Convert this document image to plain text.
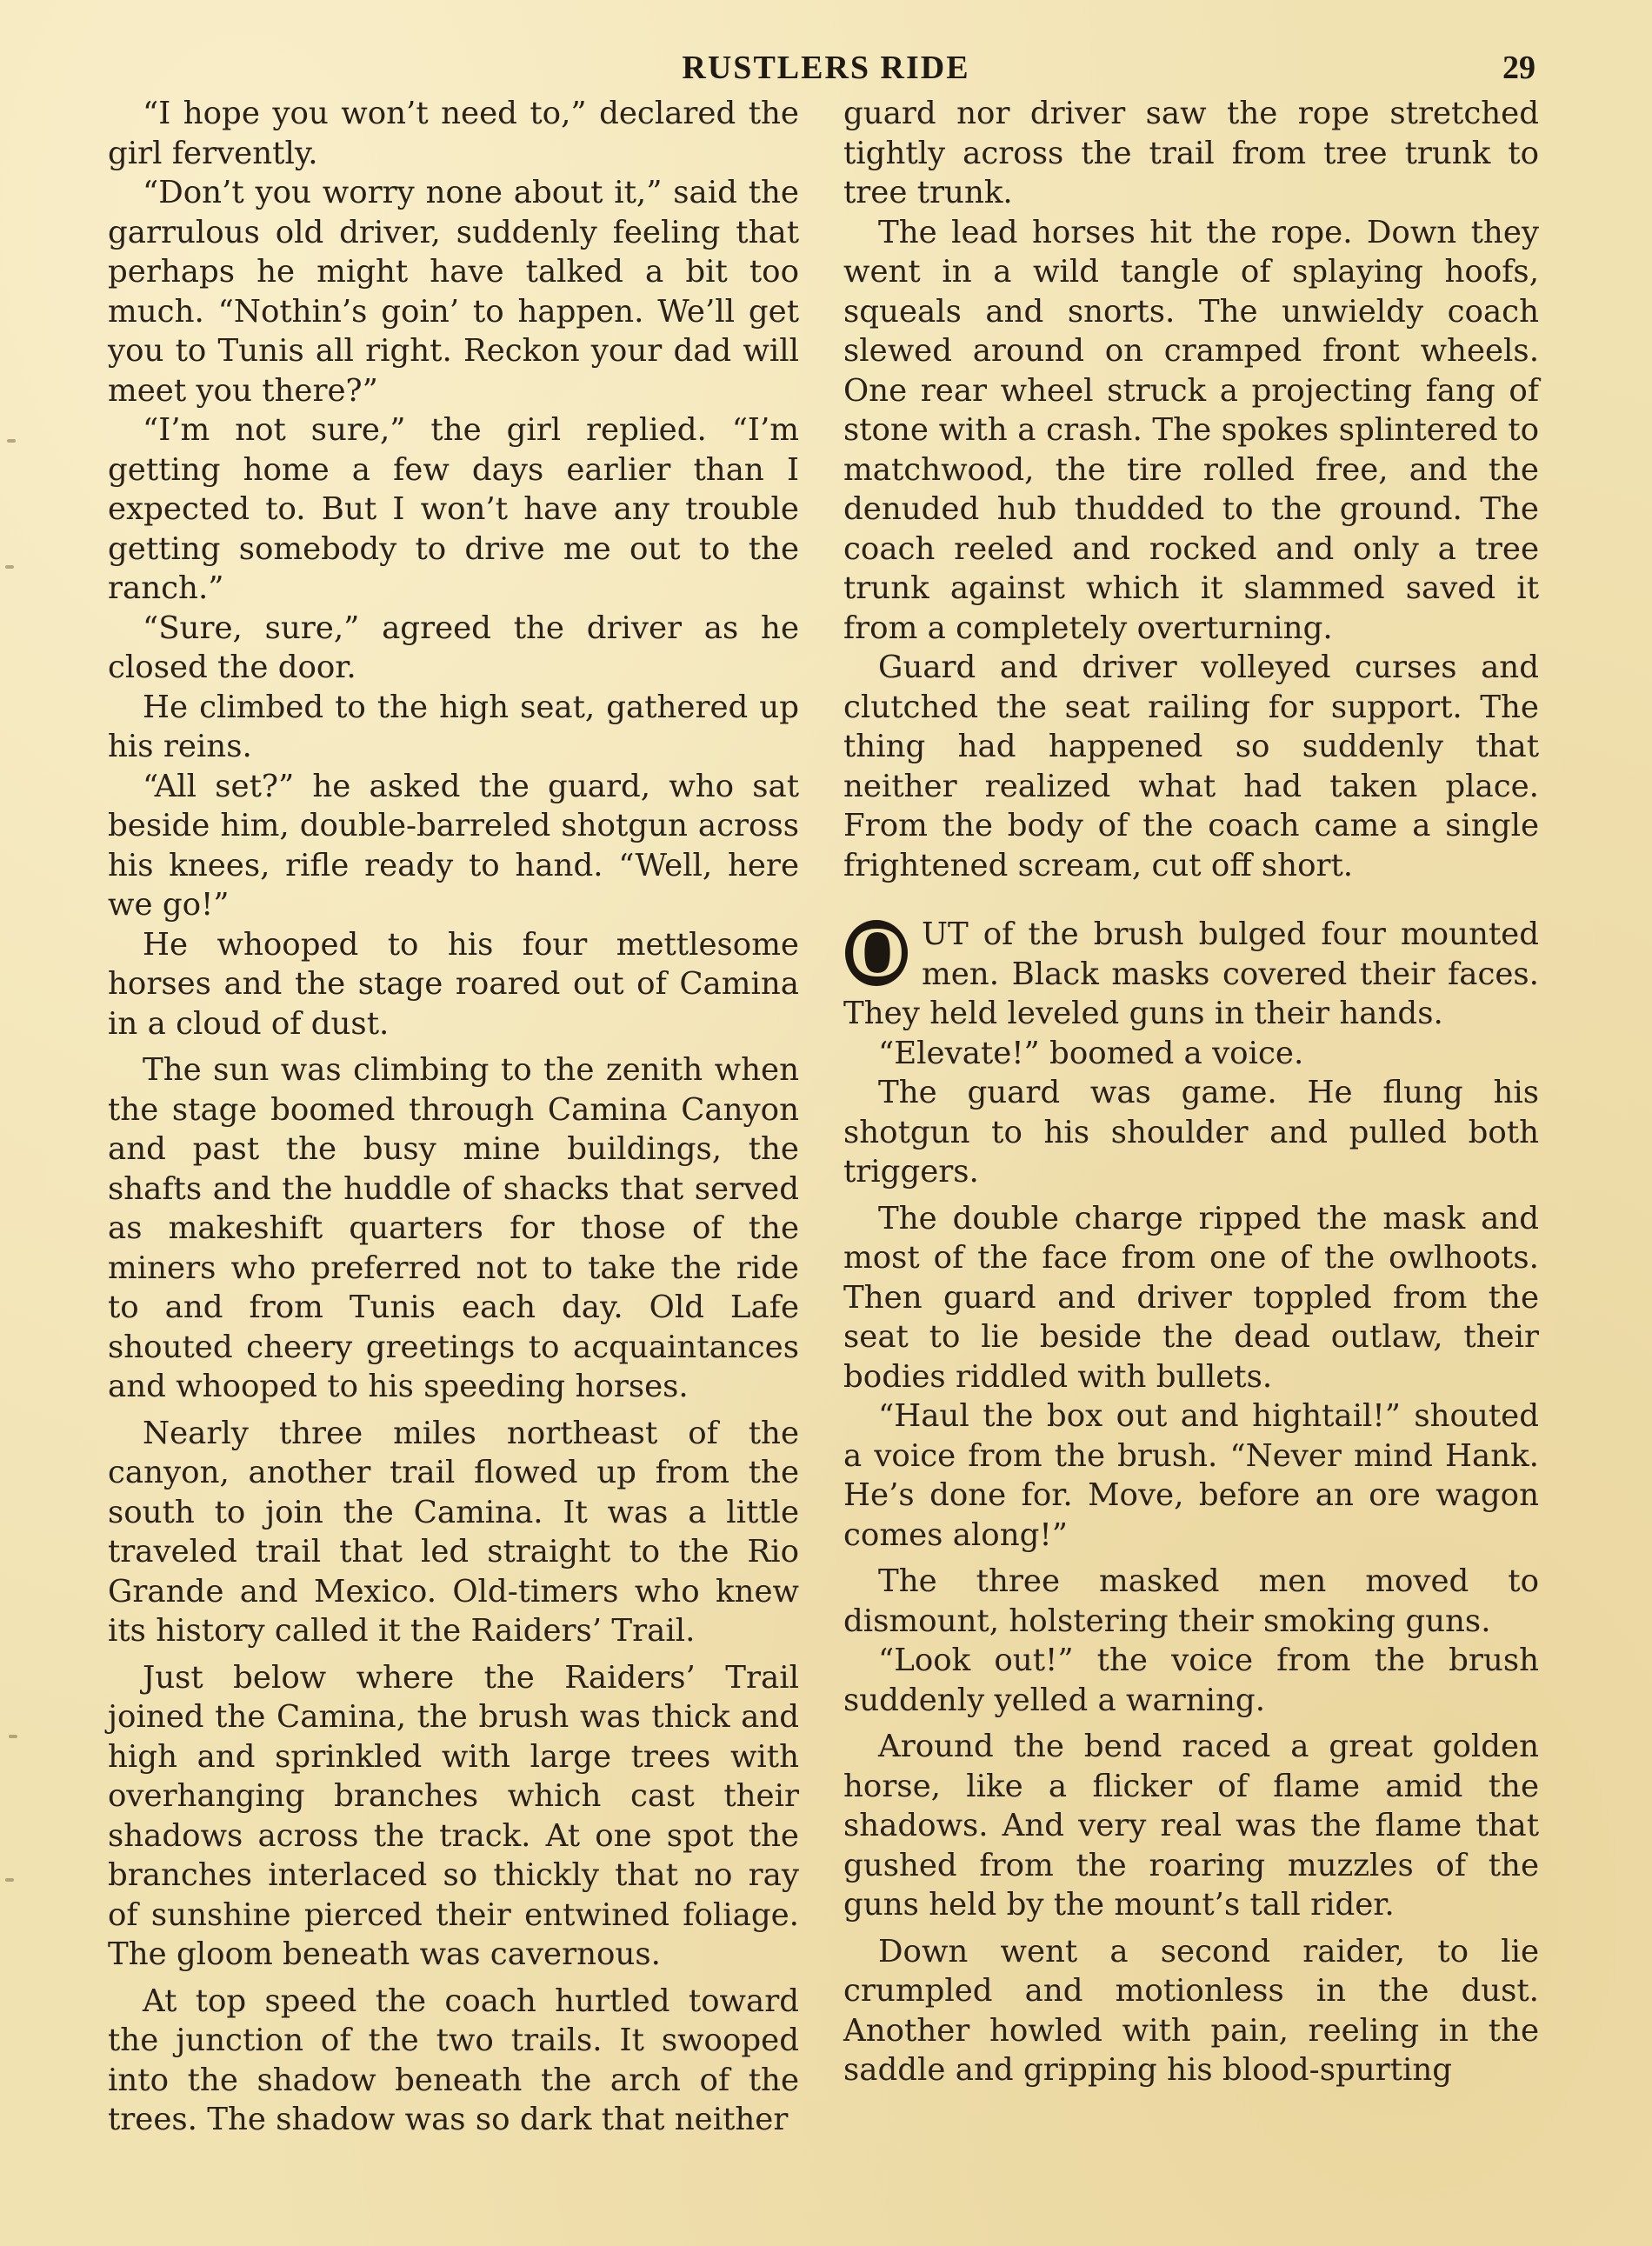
RUSTLERS RIDE	29

“I hope you won’t need to,” declared the girl fervently.

“Don’t you worry none about it,” said the garrulous old driver, suddenly feeling that perhaps he might have talked a bit too much. “Nothin’s goin’ to happen. We’ll get you to Tunis all right. Reckon your dad will meet you there?”

“I’m not sure,” the girl replied. “I’m getting home a few days earlier than I expected to. But I won’t have any trouble getting somebody to drive me out to the ranch.”

“Sure, sure,” agreed the driver as he closed the door.

He climbed to the high seat, gathered up his reins.

“All set?” he asked the guard, who sat beside him, double-barreled shotgun across his knees, rifle ready to hand. “Well, here we go!”

He whooped to his four mettlesome horses and the stage roared out of Camina in a cloud of dust.

The sun was climbing to the zenith when the stage boomed through Camina Canyon and past the busy mine buildings, the shafts and the huddle of shacks that served as makeshift quarters for those of the miners who preferred not to take the ride to and from Tunis each day. Old Lafe shouted cheery greetings to acquaintances and whooped to his speeding horses.

Nearly three miles northeast of the canyon, another trail flowed up from the south to join the Camina. It was a little traveled trail that led straight to the Rio Grande and Mexico. Old-timers who knew its history called it the Raiders’ Trail.

Just below where the Raiders’ Trail joined the Camina, the brush was thick and high and sprinkled with large trees with overhanging branches which cast their shadows across the track. At one spot the branches interlaced so thickly that no ray of sunshine pierced their entwined foliage. The gloom beneath was cavernous.

At top speed the coach hurtled toward the junction of the two trails. It swooped into the shadow beneath the arch of the trees. The shadow was so dark that neither

guard nor driver saw the rope stretched tightly across the trail from tree trunk to tree trunk.

The lead horses hit the rope. Down they went in a wild tangle of splaying hoofs, squeals and snorts. The unwieldy coach slewed around on cramped front wheels. One rear wheel struck a projecting fang of stone with a crash. The spokes splintered to matchwood, the tire rolled free, and the denuded hub thudded to the ground. The coach reeled and rocked and only a tree trunk against which it slammed saved it from a completely overturning.

Guard and driver volleyed curses and clutched the seat railing for support. The thing had happened so suddenly that neither realized what had taken place. From the body of the coach came a single frightened scream, cut off short.

O UT of the brush bulged four mounted men. Black masks covered their faces. They held leveled guns in their hands.

“Elevate!” boomed a voice.

The guard was game. He flung his shotgun to his shoulder and pulled both triggers.

The double charge ripped the mask and most of the face from one of the owlhoots. Then guard and driver toppled from the seat to lie beside the dead outlaw, their bodies riddled with bullets.

“Haul the box out and hightail!” shouted a voice from the brush. “Never mind Hank. He’s done for. Move, before an ore wagon comes along!”

The three masked men moved to dismount, holstering their smoking guns.

“Look out!” the voice from the brush suddenly yelled a warning.

Around the bend raced a great golden horse, like a flicker of flame amid the shadows. And very real was the flame that gushed from the roaring muzzles of the guns held by the mount’s tall rider.

Down went a second raider, to lie crumpled and motionless in the dust. Another howled with pain, reeling in the saddle and gripping his blood-spurting
